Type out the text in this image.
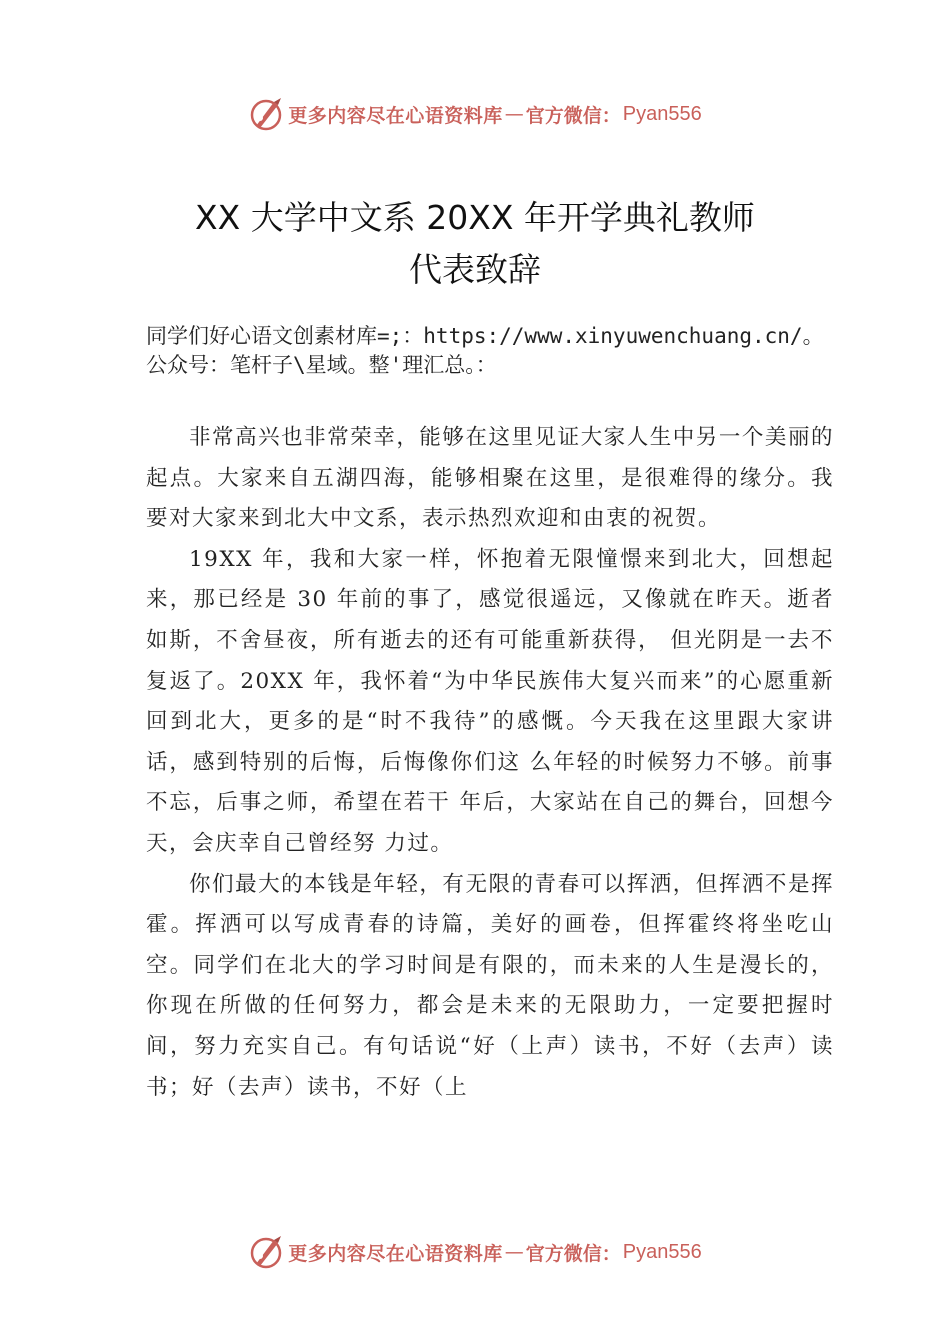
更多内容尽在心语资料库 — 官方微信： Pyan556
XX 大学中文系 20XX 年开学典礼教师
代表致辞
同学们好心语文创素材库=;：https://www.xinyuwenchuang.cn/。公众号：笔杆子\星域。整'理汇总。：

非常高兴也非常荣幸，能够在这里见证大家人生中另一个美丽的起点。大家来自五湖四海，能够相聚在这里，是很难得的缘分。我要对大家来到北大中文系，表示热烈欢迎和由衷的祝贺。

19XX 年，我和大家一样，怀抱着无限憧憬来到北大，回想起来，那已经是 30 年前的事了，感觉很遥远，又像就在昨天。逝者如斯，不舍昼夜，所有逝去的还有可能重新获得， 但光阴是一去不复返了。20XX 年，我怀着“为中华民族伟大复兴而来”的心愿重新回到北大，更多的是“时不我待”的感慨。今天我在这里跟大家讲话，感到特别的后悔，后悔像你们这 么年轻的时候努力不够。前事不忘，后事之师，希望在若干 年后，大家站在自己的舞台，回想今天，会庆幸自己曾经努 力过。

你们最大的本钱是年轻，有无限的青春可以挥洒，但挥洒不是挥霍。挥洒可以写成青春的诗篇，美好的画卷，但挥霍终将坐吃山空。同学们在北大的学习时间是有限的，而未来的人生是漫长的，你现在所做的任何努力，都会是未来的无限助力，一定要把握时间，努力充实自己。有句话说“好（上声）读书，不好（去声）读书；好（去声）读书，不好（上

更多内容尽在心语资料库 — 官方微信： Pyan556
